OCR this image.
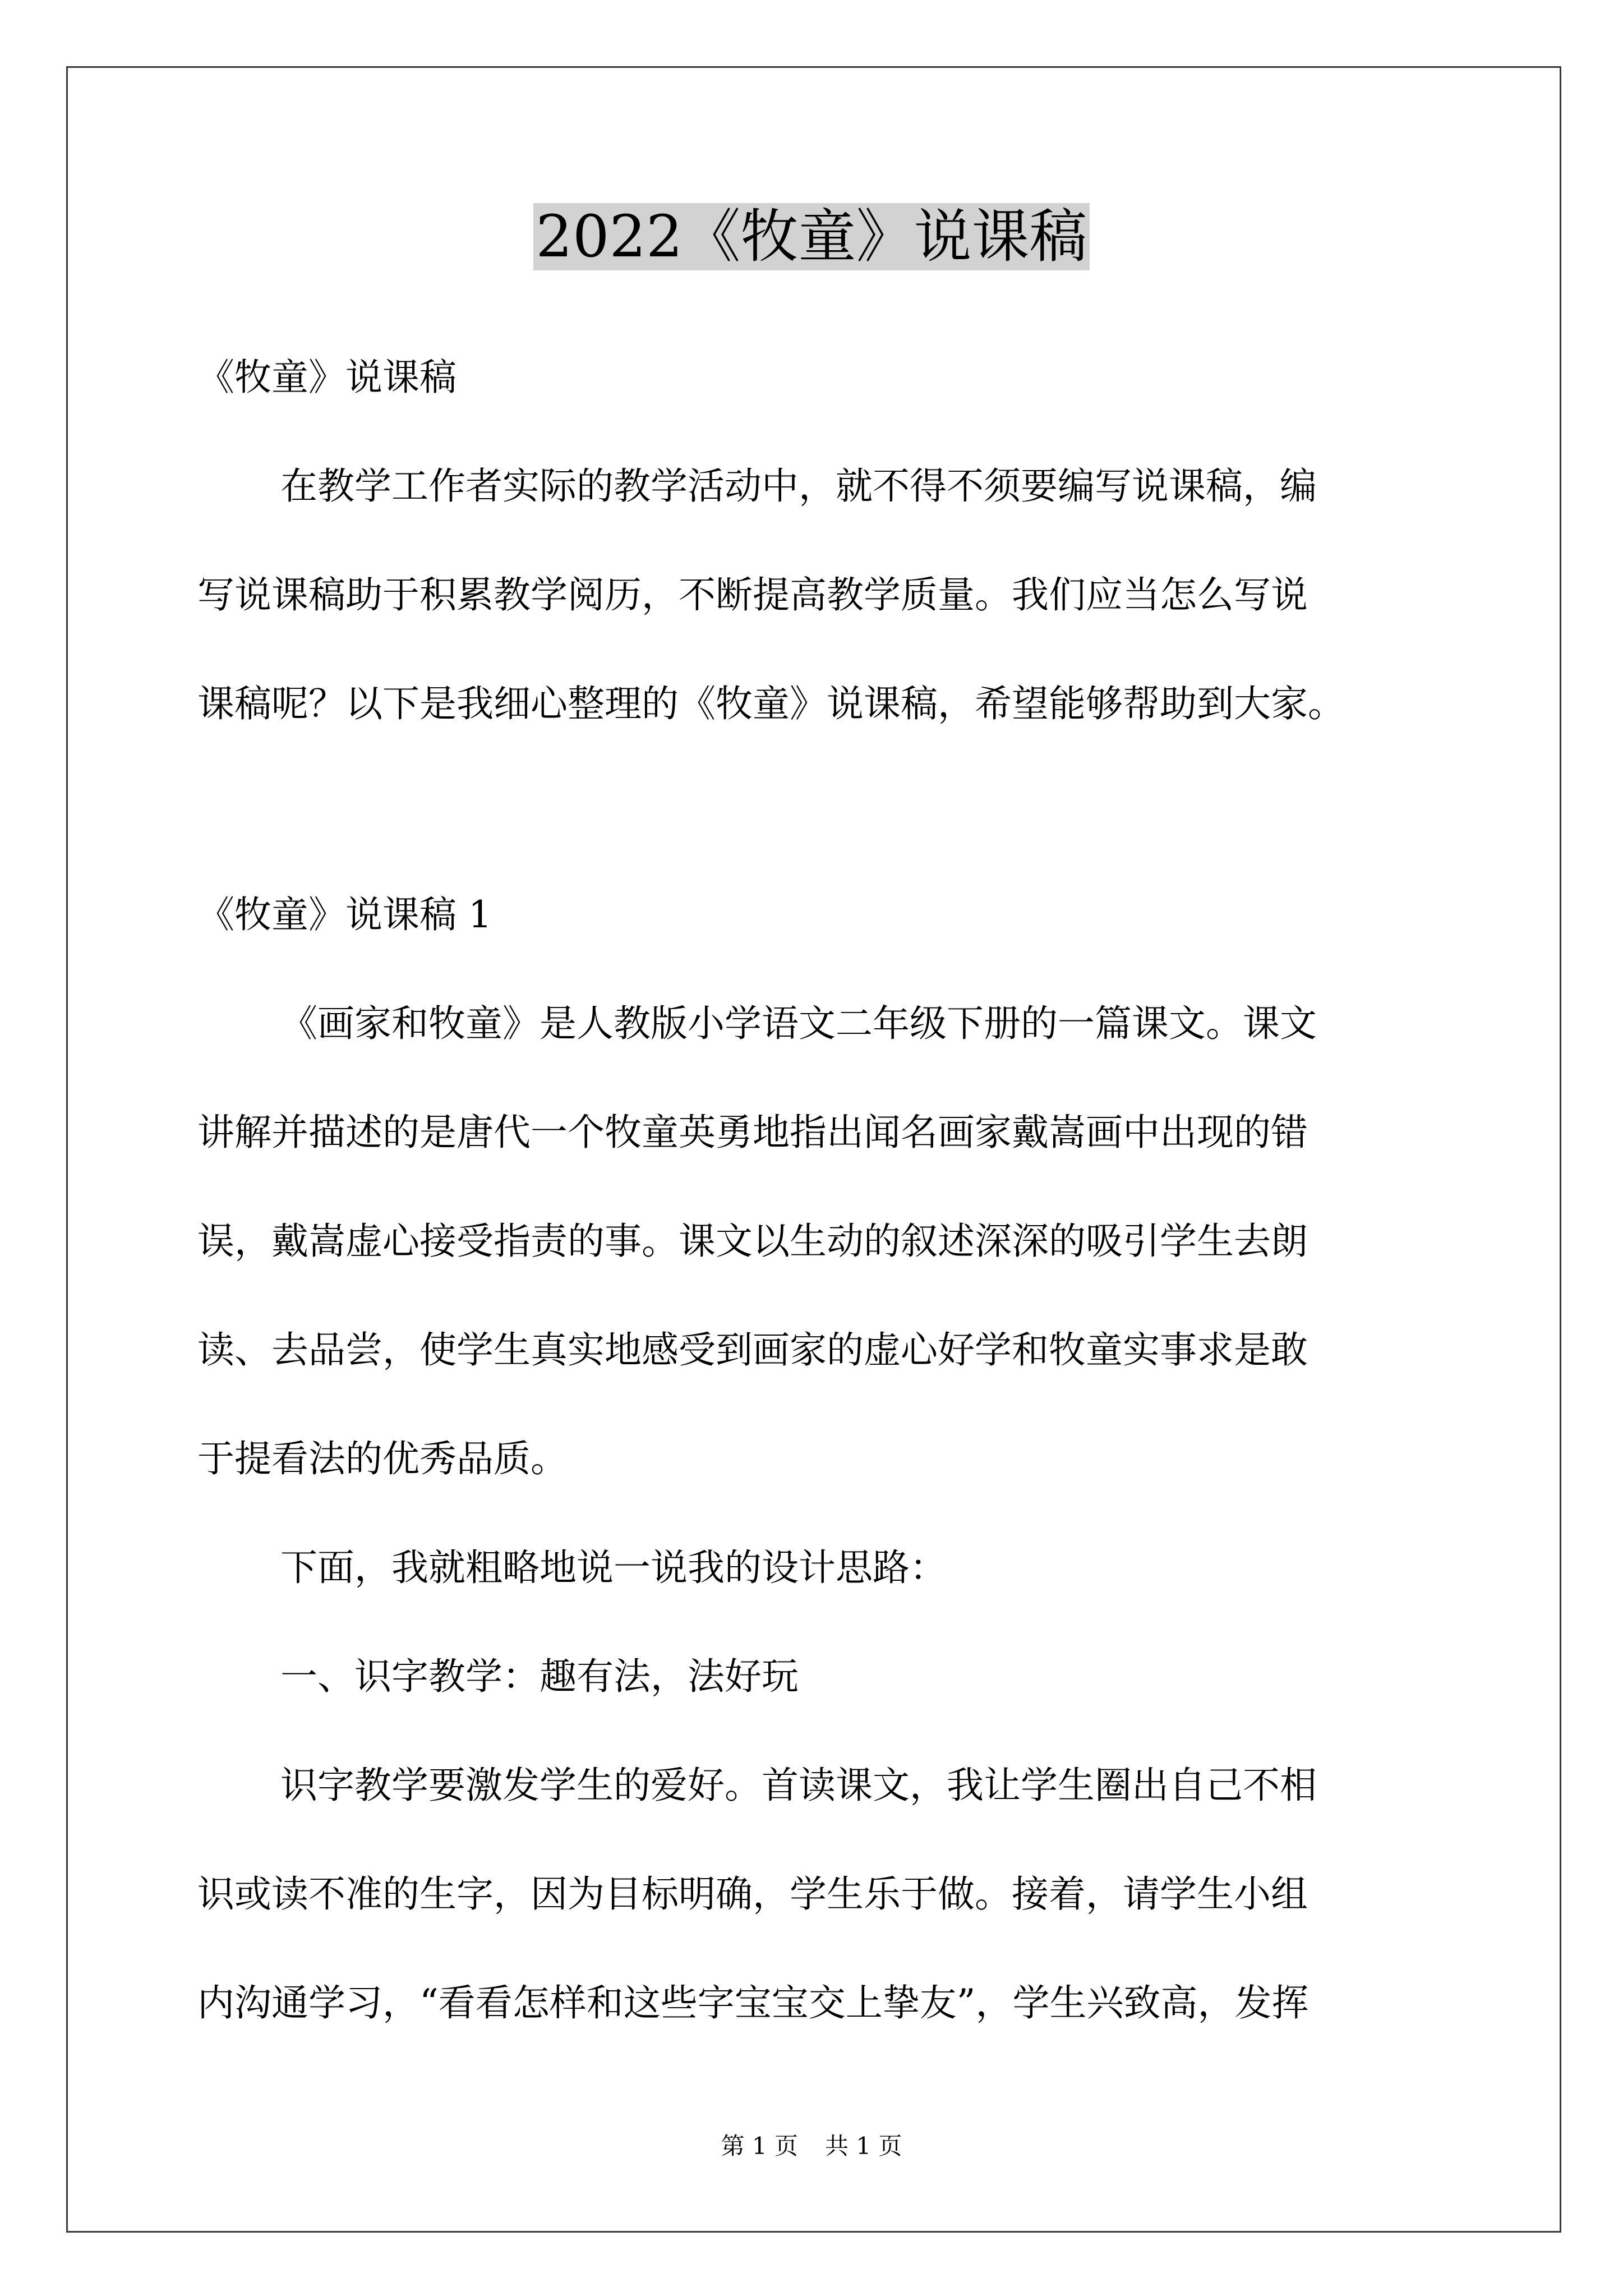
2022《牧童》说课稿
《牧童》说课稿
在教学工作者实际的教学活动中，就不得不须要编写说课稿，编
写说课稿助于积累教学阅历，不断提高教学质量。我们应当怎么写说
课稿呢？以下是我细心整理的《牧童》说课稿，希望能够帮助到大家。
《牧童》说课稿 1
《画家和牧童》是人教版小学语文二年级下册的一篇课文。课文
讲解并描述的是唐代一个牧童英勇地指出闻名画家戴嵩画中出现的错
误，戴嵩虚心接受指责的事。课文以生动的叙述深深的吸引学生去朗
读、去品尝，使学生真实地感受到画家的虚心好学和牧童实事求是敢
于提看法的优秀品质。
下面，我就粗略地说一说我的设计思路：
一、识字教学：趣有法，法好玩
识字教学要激发学生的爱好。首读课文，我让学生圈出自己不相
识或读不准的生字，因为目标明确，学生乐于做。接着，请学生小组
内沟通学习，“看看怎样和这些字宝宝交上挚友”，学生兴致高，发挥
第 1 页 共 1 页
